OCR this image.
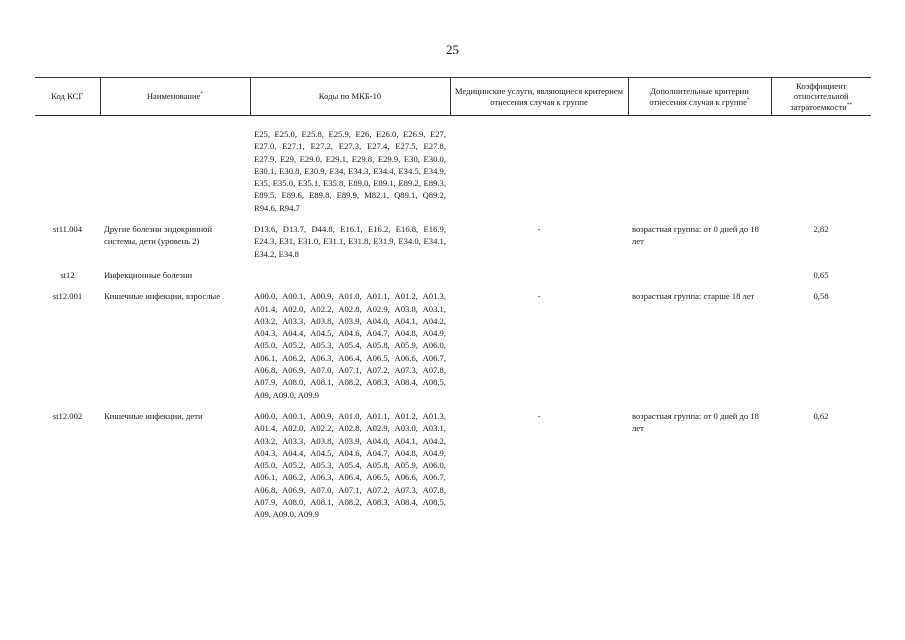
25
Код КСГ	Наименование*	Коды по МКБ-10	Медицинские услуги, являющиеся критерием отнесения случая к группе	Дополнительные критерии отнесения случая к группе*	Коэффициент относительной затратоемкости**

		E25, E25.0, E25.8, E25.9, E26, E26.0, E26.9, E27, E27.0, E27.1, E27.2, E27.3, E27.4, E27.5, E27.8, E27.9, E29, E29.0, E29.1, E29.8, E29.9, E30, E30.0, E30.1, E30.8, E30.9, E34, E34.3, E34.4, E34.5, E34.9, E35, E35.0, E35.1, E35.8, E89.0, E89.1, E89.2, E89.3, E89.5, E89.6, E89.8, E89.9, M82.1, Q89.1, Q89.2, R94.6, R94.7			
st11.004	Другие болезни эндокринной системы, дети (уровень 2)	D13.6, D13.7, D44.8, E16.1, E16.2, E16.8, E16.9, E24.3, E31, E31.0, E31.1, E31.8, E31.9, E34.0, E34.1, E34.2, E34.8	-	возрастная группа: от 0 дней до 18 лет	2,82
st12	Инфекционные болезни				0,65
st12.001	Кишечные инфекции, взрослые	A00.0, A00.1, A00.9, A01.0, A01.1, A01.2, A01.3, A01.4, A02.0, A02.2, A02.8, A02.9, A03.0, A03.1, A03.2, A03.3, A03.8, A03.9, A04.0, A04.1, A04.2, A04.3, A04.4, A04.5, A04.6, A04.7, A04.8, A04.9, A05.0, A05.2, A05.3, A05.4, A05.8, A05.9, A06.0, A06.1, A06.2, A06.3, A06.4, A06.5, A06.6, A06.7, A06.8, A06.9, A07.0, A07.1, A07.2, A07.3, A07.8, A07.9, A08.0, A08.1, A08.2, A08.3, A08.4, A08.5, A09, A09.0, A09.9	-	возрастная группа: старше 18 лет	0,58
st12.002	Кишечные инфекции, дети	A00.0, A00.1, A00.9, A01.0, A01.1, A01.2, A01.3, A01.4, A02.0, A02.2, A02.8, A02.9, A03.0, A03.1, A03.2, A03.3, A03.8, A03.9, A04.0, A04.1, A04.2, A04.3, A04.4, A04.5, A04.6, A04.7, A04.8, A04.9, A05.0, A05.2, A05.3, A05.4, A05.8, A05.9, A06.0, A06.1, A06.2, A06.3, A06.4, A06.5, A06.6, A06.7, A06.8, A06.9, A07.0, A07.1, A07.2, A07.3, A07.8, A07.9, A08.0, A08.1, A08.2, A08.3, A08.4, A08.5, A09, A09.0, A09.9	-	возрастная группа: от 0 дней до 18 лет	0,62
